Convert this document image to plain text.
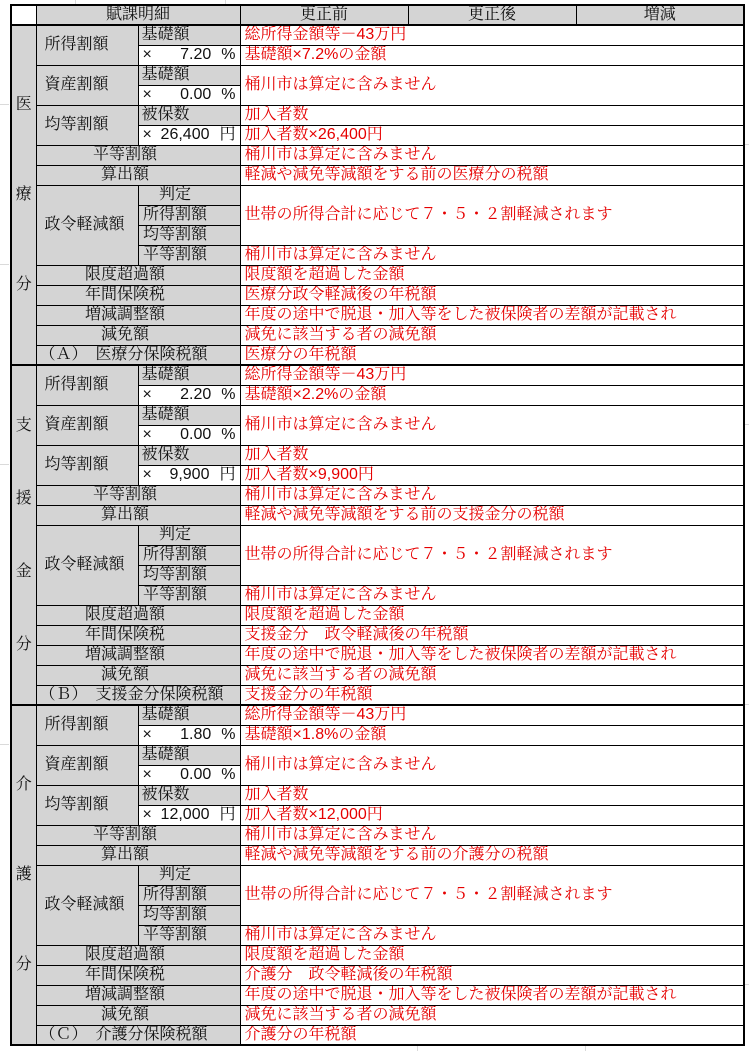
	賦課明細		更正前	更正後	増減

医
療
分	所得割額	基礎額	総所得金額等－43万円		

		× 7.20 %	基礎額×7.2%の金額		
	資産割額	基礎額	桶川市は算定に含みません		

		× 0.00 %			

	均等割額	被保数	加入者数		

		× 26,400 円	加入者数×26,400円		
	平等割額		桶川市は算定に含みません		
	算出額		軽減や減免等減額をする前の医療分の税額		
	政令軽減額	判定	世帯の所得合計に応じて７・５・２割軽減されます		
		所得割額			
		均等割額			
		平等割額	桶川市は算定に含みません		
	限度超過額		限度額を超過した金額		
	年間保険税		医療分政令軽減後の年税額		
	増減調整額		年度の途中で脱退・加入等をした被保険者の差額が記載され		
	減免額		減免に該当する者の減免額		
	（Ａ）　医療分保険税額		医療分の年税額		

支
援
金
分	所得割額	基礎額	総所得金額等－43万円		

		× 2.20 %	基礎額×2.2%の金額		
	資産割額	基礎額	桶川市は算定に含みません		

		× 0.00 %			

	均等割額	被保数	加入者数		

		× 9,900 円	加入者数×9,900円		
	平等割額		桶川市は算定に含みません		
	算出額		軽減や減免等減額をする前の支援金分の税額		
	政令軽減額	判定	世帯の所得合計に応じて７・５・２割軽減されます		
		所得割額			
		均等割額			
		平等割額	桶川市は算定に含みません		
	限度超過額		限度額を超過した金額		
	年間保険税		支援金分　政令軽減後の年税額		
	増減調整額		年度の途中で脱退・加入等をした被保険者の差額が記載され		
	減免額		減免に該当する者の減免額		
	（Ｂ）　支援金分保険税額		支援金分の年税額		

介
護
分	所得割額	基礎額	総所得金額等－43万円		

		× 1.80 %	基礎額×1.8%の金額		
	資産割額	基礎額	桶川市は算定に含みません		

		× 0.00 %			

	均等割額	被保数	加入者数		

		× 12,000 円	加入者数×12,000円		
	平等割額		桶川市は算定に含みません		
	算出額		軽減や減免等減額をする前の介護分の税額		
	政令軽減額	判定	世帯の所得合計に応じて７・５・２割軽減されます		
		所得割額			
		均等割額			
		平等割額	桶川市は算定に含みません		
	限度超過額		限度額を超過した金額		
	年間保険税		介護分　政令軽減後の年税額		
	増減調整額		年度の途中で脱退・加入等をした被保険者の差額が記載され		
	減免額		減免に該当する者の減免額		
	（Ｃ）　介護分保険税額		介護分の年税額		
